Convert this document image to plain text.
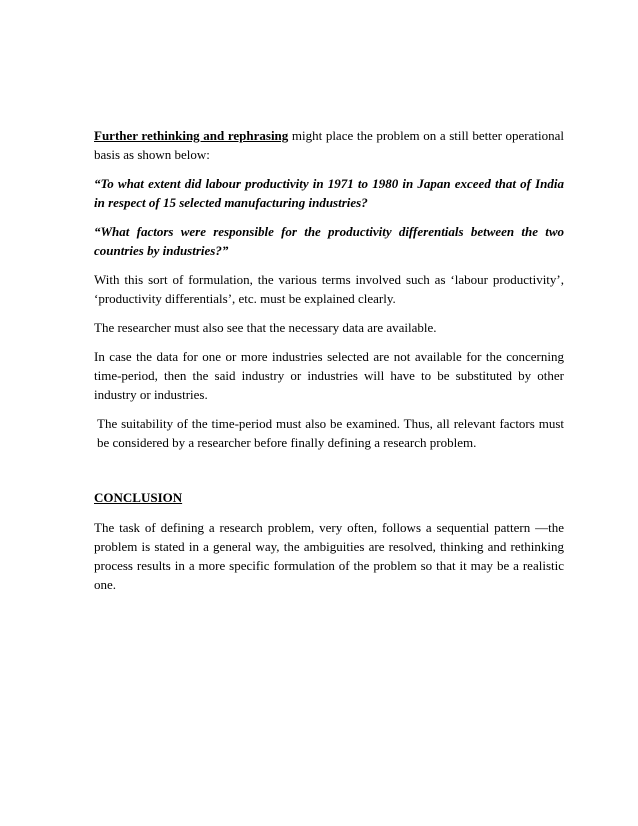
Further rethinking and rephrasing might place the problem on a still better operational basis as shown below:

“To what extent did labour productivity in 1971 to 1980 in Japan exceed that of India in respect of 15 selected manufacturing industries?

“What factors were responsible for the productivity differentials between the two countries by industries?”

With this sort of formulation, the various terms involved such as ‘labour productivity’, ‘productivity differentials’, etc. must be explained clearly.

The researcher must also see that the necessary data are available.

In case the data for one or more industries selected are not available for the concerning time-period, then the said industry or industries will have to be substituted by other industry or industries.

The suitability of the time-period must also be examined. Thus, all relevant factors must be considered by a researcher before finally defining a research problem.

CONCLUSION

The task of defining a research problem, very often, follows a sequential pattern —the problem is stated in a general way, the ambiguities are resolved, thinking and rethinking process results in a more specific formulation of the problem so that it may be a realistic one.
